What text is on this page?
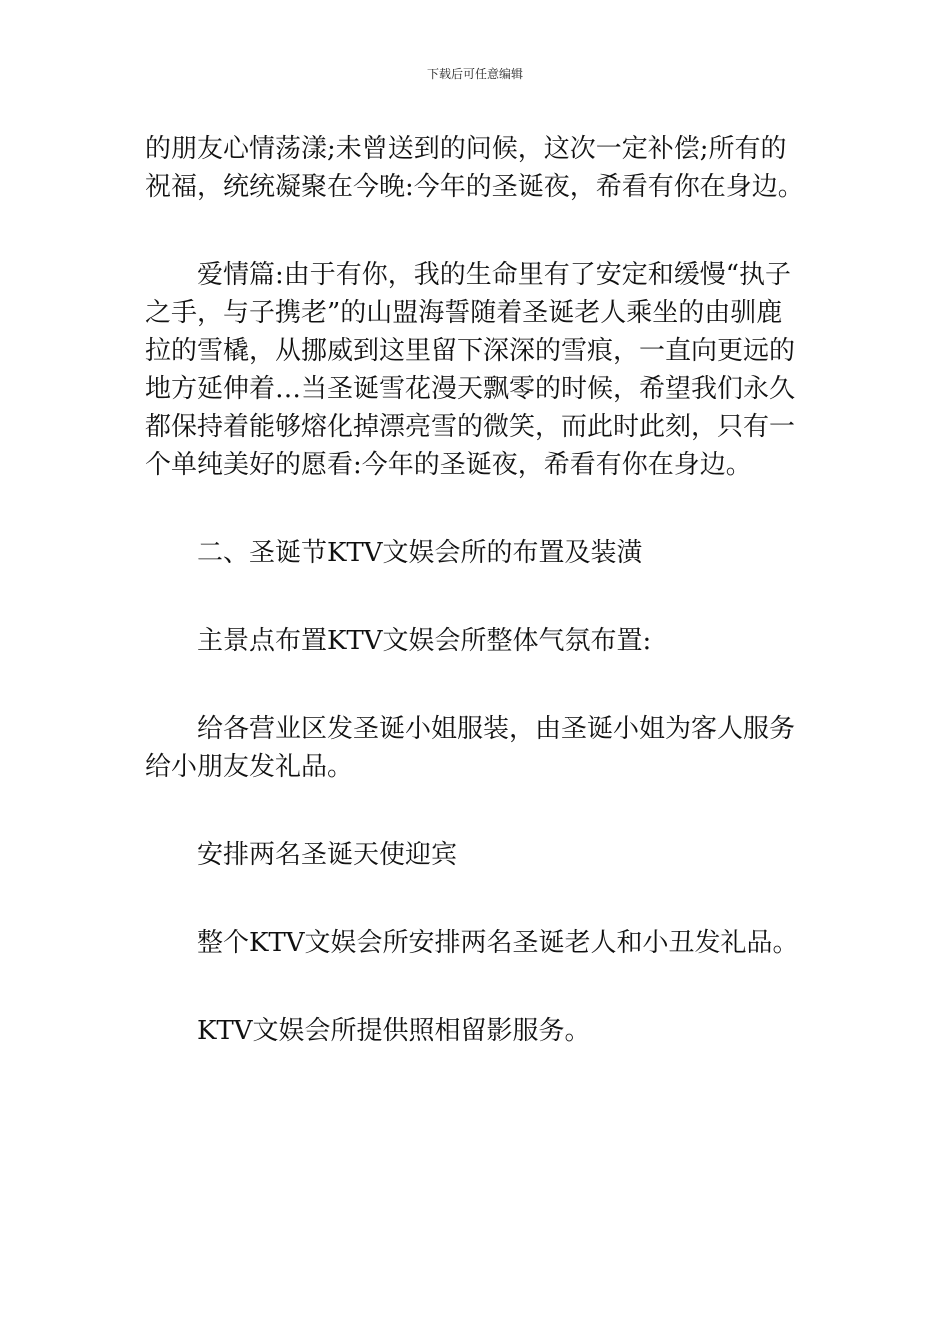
下载后可任意编辑

的朋友心情荡漾;未曾送到的问候，这次一定补偿;所有的
祝福，统统凝聚在今晚:今年的圣诞夜，希看有你在身边。

爱情篇:由于有你，我的生命里有了安定和缓慢“执子
之手，与子携老”的山盟海誓随着圣诞老人乘坐的由驯鹿
拉的雪橇，从挪威到这里留下深深的雪痕，一直向更远的
地方延伸着…当圣诞雪花漫天飘零的时候，希望我们永久
都保持着能够熔化掉漂亮雪的微笑，而此时此刻，只有一
个单纯美好的愿看:今年的圣诞夜，希看有你在身边。

二、圣诞节KTV文娱会所的布置及装潢

主景点布置KTV文娱会所整体气氛布置:

给各营业区发圣诞小姐服装，由圣诞小姐为客人服务
给小朋友发礼品。

安排两名圣诞天使迎宾

整个KTV文娱会所安排两名圣诞老人和小丑发礼品。

KTV文娱会所提供照相留影服务。
